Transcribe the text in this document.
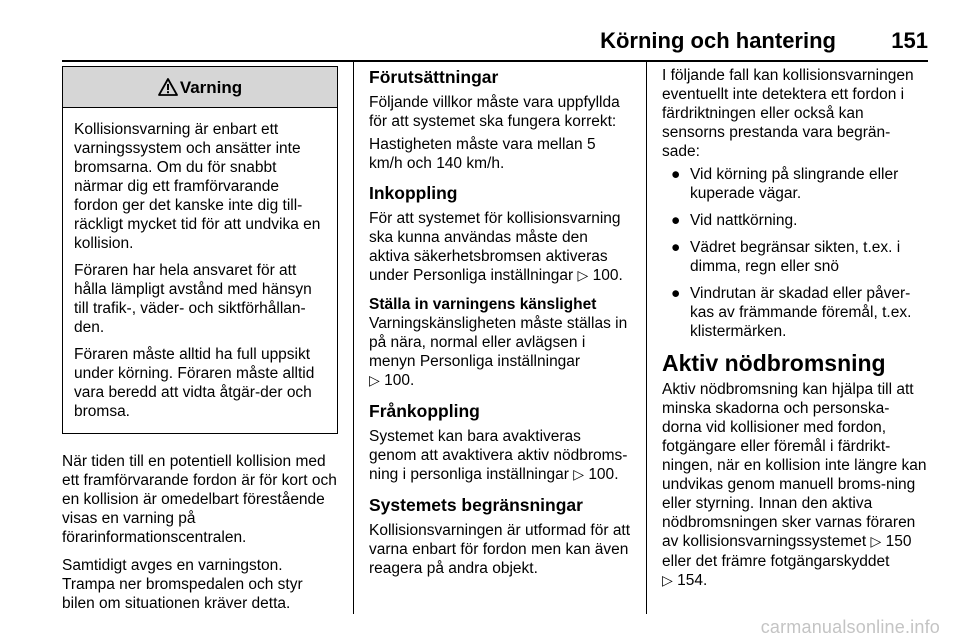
Körning och hantering	151
Varning

Kollisionsvarning är enbart ett varningssystem och ansätter inte bromsarna. Om du för snabbt närmar dig ett framförvarande fordon ger det kanske inte dig till-räckligt mycket tid för att undvika en kollision.

Föraren har hela ansvaret för att hålla lämpligt avstånd med hänsyn till trafik-, väder- och siktförhållan-den.

Föraren måste alltid ha full uppsikt under körning. Föraren måste alltid vara beredd att vidta åtgär-der och bromsa.

När tiden till en potentiell kollision med ett framförvarande fordon är för kort och en kollision är omedelbart förestående visas en varning på förarinformationscentralen.

Samtidigt avges en varningston. Trampa ner bromspedalen och styr bilen om situationen kräver detta.

Förutsättningar

Följande villkor måste vara uppfyllda för att systemet ska fungera korrekt:

Hastigheten måste vara mellan 5 km/h och 140 km/h.

Inkoppling

För att systemet för kollisionsvarning ska kunna användas måste den aktiva säkerhetsbromsen aktiveras under Personliga inställningar ▷ 100.

Ställa in varningens känslighet

Varningskänsligheten måste ställas in på nära, normal eller avlägsen i menyn Personliga inställningar
▷ 100.

Frånkoppling

Systemet kan bara avaktiveras genom att avaktivera aktiv nödbroms-ning i personliga inställningar ▷ 100.

Systemets begränsningar

Kollisionsvarningen är utformad för att varna enbart för fordon men kan även reagera på andra objekt.

I följande fall kan kollisionsvarningen eventuellt inte detektera ett fordon i färdriktningen eller också kan sensorns prestanda vara begrän-sade:

● Vid körning på slingrande eller kuperade vägar.
● Vid nattkörning.
● Vädret begränsar sikten, t.ex. i dimma, regn eller snö
● Vindrutan är skadad eller påver-kas av främmande föremål, t.ex. klistermärken.
Aktiv nödbromsning

Aktiv nödbromsning kan hjälpa till att minska skadorna och personska-dorna vid kollisioner med fordon, fotgängare eller föremål i färdrikt-ningen, när en kollision inte längre kan undvikas genom manuell broms-ning eller styrning. Innan den aktiva nödbromsningen sker varnas föraren av kollisionsvarningssystemet ▷ 150 eller det främre fotgängarskyddet
▷ 154.

carmanualsonline.info
